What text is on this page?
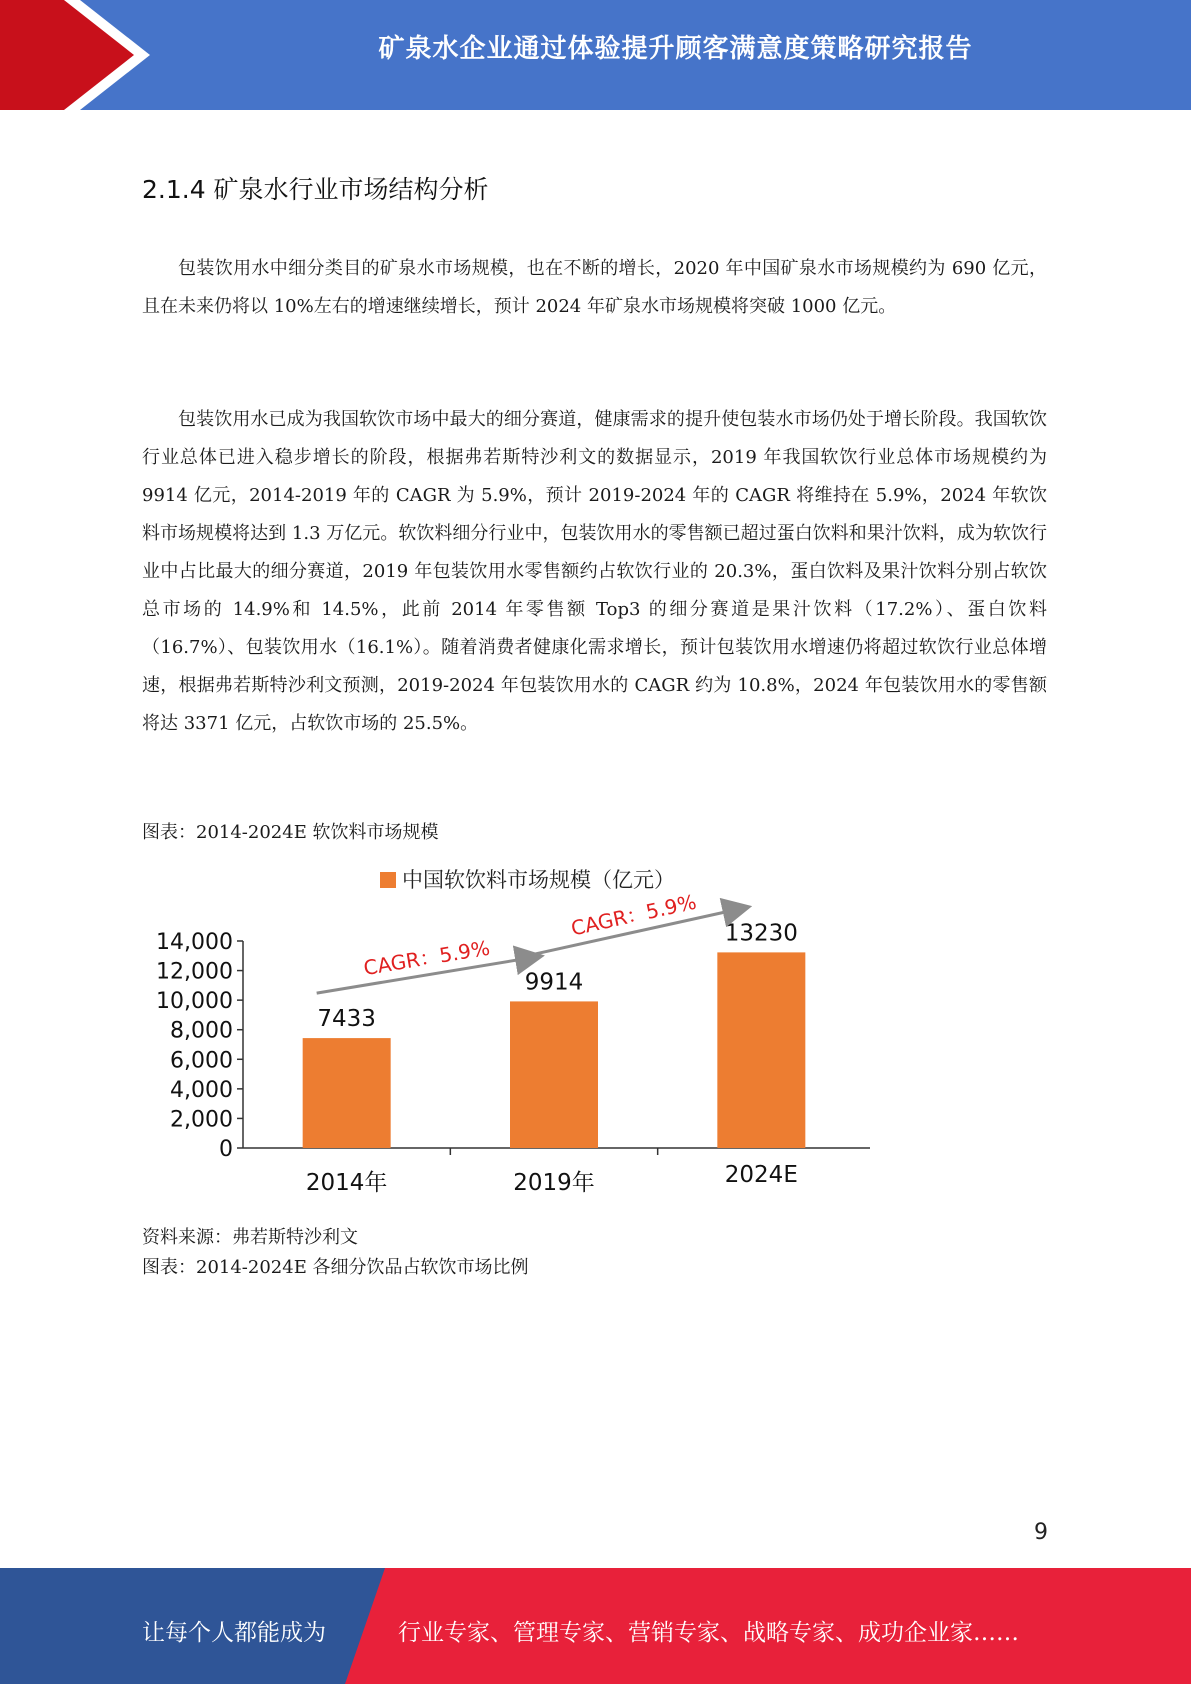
矿泉水企业通过体验提升顾客满意度策略研究报告
2.1.4 矿泉水行业市场结构分析
包装饮用水中细分类目的矿泉水市场规模，也在不断的增长，2020 年中国矿泉水市场规模约为 690 亿元，且在未来仍将以 10%左右的增速继续增长，预计 2024 年矿泉水市场规模将突破 1000 亿元。
包装饮用水已成为我国软饮市场中最大的细分赛道，健康需求的提升使包装水市场仍处于增长阶段。我国软饮行业总体已进入稳步增长的阶段，根据弗若斯特沙利文的数据显示，2019 年我国软饮行业总体市场规模约为 9914 亿元，2014-2019 年的 CAGR 为 5.9%，预计 2019-2024 年的 CAGR 将维持在 5.9%，2024 年软饮料市场规模将达到 1.3 万亿元。软饮料细分行业中，包装饮用水的零售额已超过蛋白饮料和果汁饮料，成为软饮行业中占比最大的细分赛道，2019 年包装饮用水零售额约占软饮行业的 20.3%，蛋白饮料及果汁饮料分别占软饮总市场的 14.9%和 14.5%，此前 2014 年零售额 Top3 的细分赛道是果汁饮料（17.2%）、蛋白饮料（16.7%）、包装饮用水（16.1%）。随着消费者健康化需求增长，预计包装饮用水增速仍将超过软饮行业总体增速，根据弗若斯特沙利文预测，2019-2024 年包装饮用水的 CAGR 约为 10.8%，2024 年包装饮用水的零售额将达 3371 亿元，占软饮市场的 25.5%。
图表：2014-2024E 软饮料市场规模
中国软饮料市场规模（亿元）
0
2,000
4,000
6,000
8,000
10,000
12,000
14,000
2014年	2019年	2024E
7433
9914
13230
CAGR：5.9%
CAGR：5.9%
资料来源：弗若斯特沙利文
图表：2014-2024E 各细分饮品占软饮市场比例
9
让每个人都能成为	行业专家、管理专家、营销专家、战略专家、成功企业家……
